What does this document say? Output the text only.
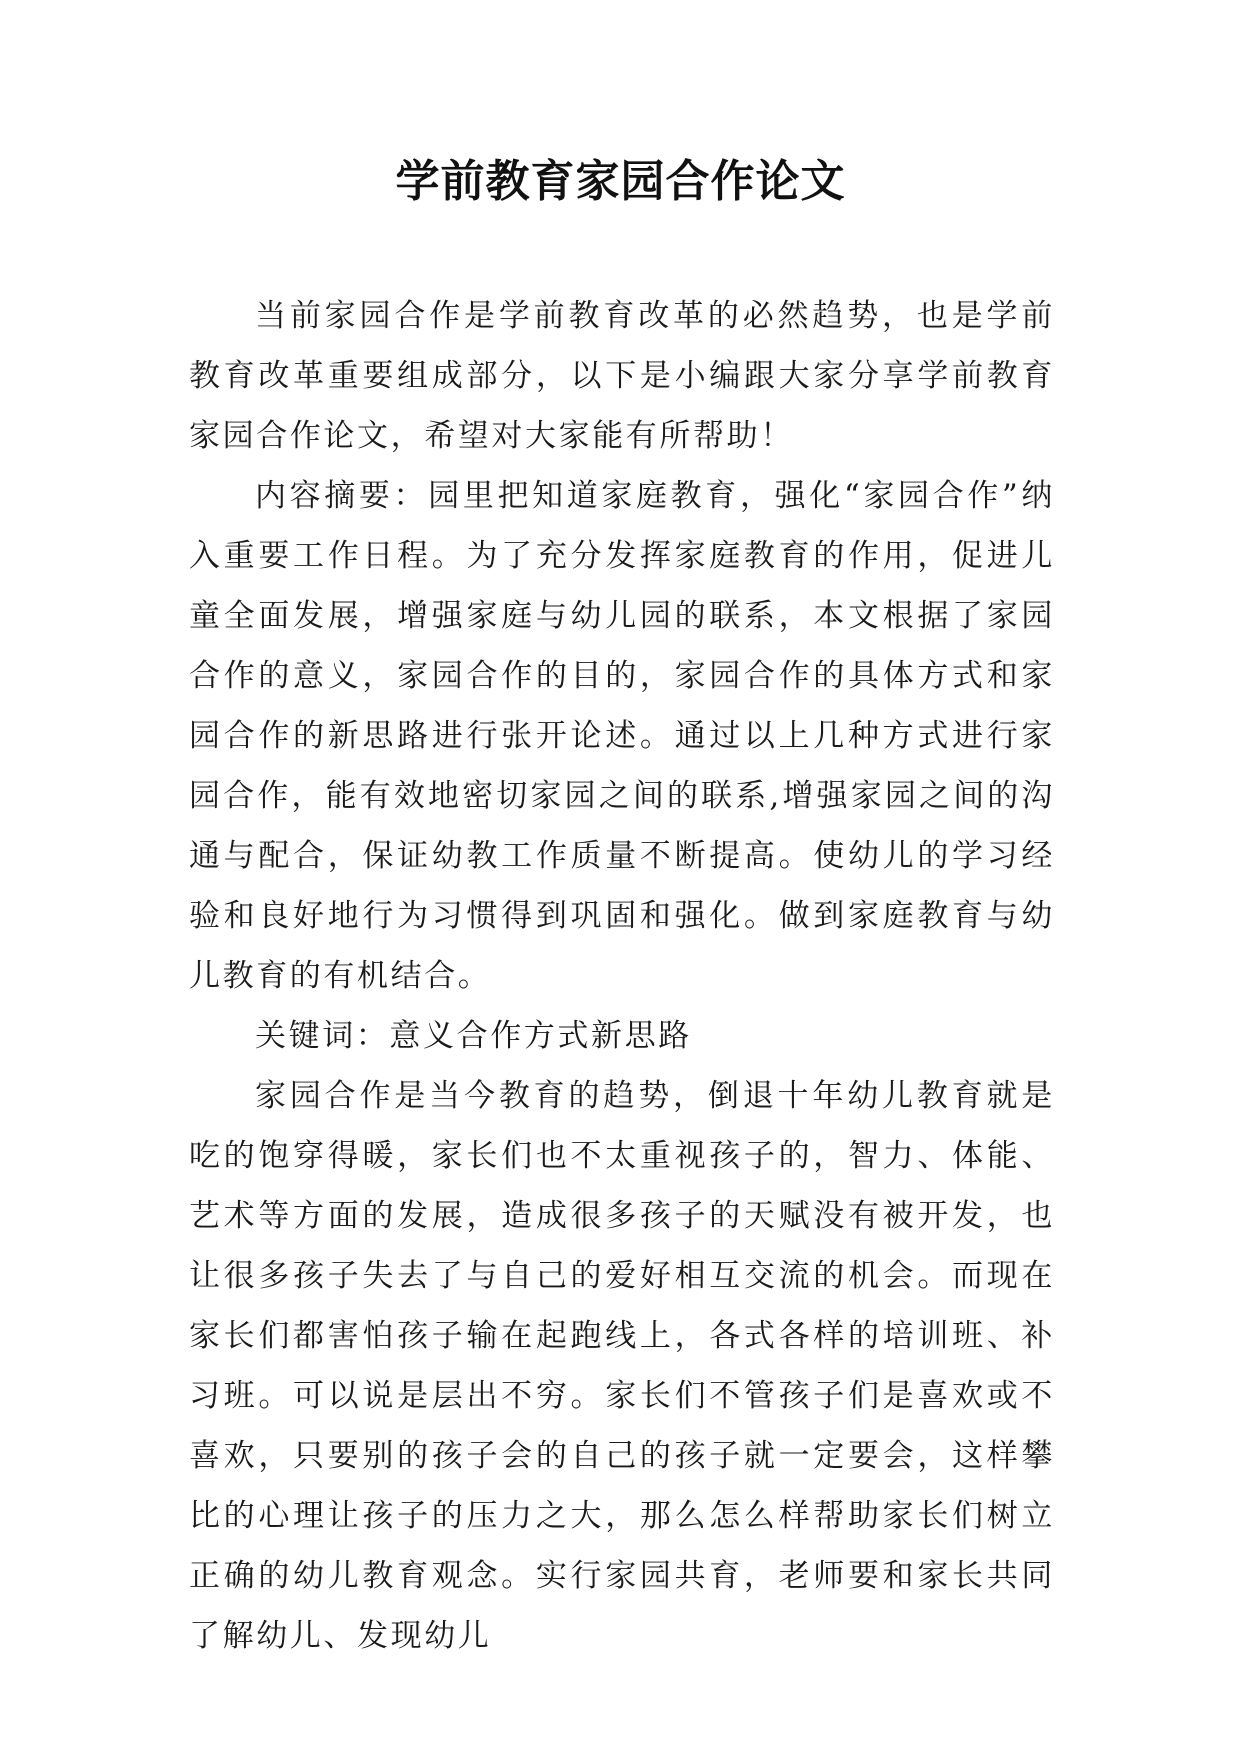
学前教育家园合作论文

当前家园合作是学前教育改革的必然趋势，也是学前教育改革重要组成部分，以下是小编跟大家分享学前教育家园合作论文，希望对大家能有所帮助！

内容摘要：园里把知道家庭教育，强化“家园合作”纳入重要工作日程。为了充分发挥家庭教育的作用，促进儿童全面发展，增强家庭与幼儿园的联系，本文根据了家园合作的意义，家园合作的目的，家园合作的具体方式和家园合作的新思路进行张开论述。通过以上几种方式进行家园合作，能有效地密切家园之间的联系,增强家园之间的沟通与配合，保证幼教工作质量不断提高。使幼儿的学习经验和良好地行为习惯得到巩固和强化。做到家庭教育与幼儿教育的有机结合。

关键词：意义合作方式新思路

家园合作是当今教育的趋势，倒退十年幼儿教育就是吃的饱穿得暖，家长们也不太重视孩子的，智力、体能、艺术等方面的发展，造成很多孩子的天赋没有被开发，也让很多孩子失去了与自己的爱好相互交流的机会。而现在家长们都害怕孩子输在起跑线上，各式各样的培训班、补习班。可以说是层出不穷。家长们不管孩子们是喜欢或不喜欢，只要别的孩子会的自己的孩子就一定要会，这样攀比的心理让孩子的压力之大，那么怎么样帮助家长们树立正确的幼儿教育观念。实行家园共育，老师要和家长共同了解幼儿、发现幼儿
